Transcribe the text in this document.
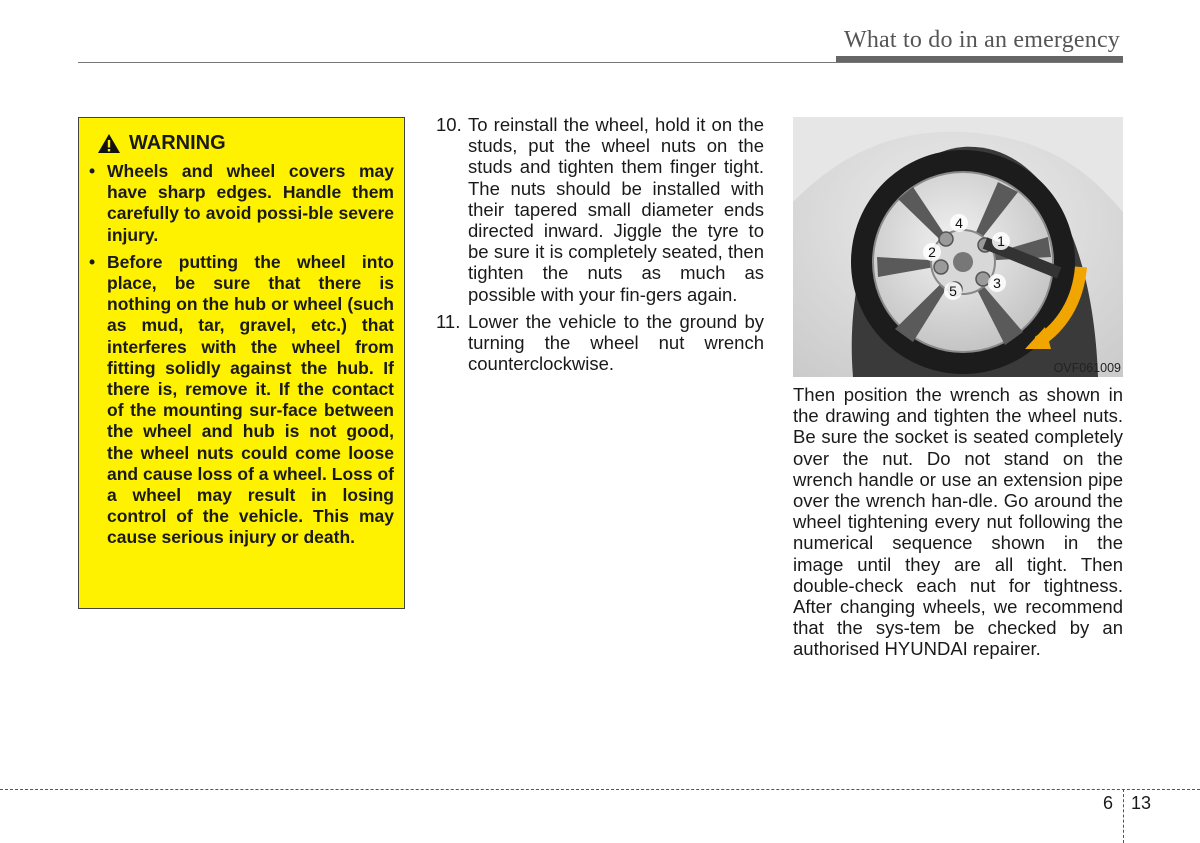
What to do in an emergency
WARNING
• Wheels and wheel covers may have sharp edges. Handle them carefully to avoid possi-ble severe injury.
• Before putting the wheel into place, be sure that there is nothing on the hub or wheel (such as mud, tar, gravel, etc.) that interferes with the wheel from fitting solidly against the hub. If there is, remove it. If the contact of the mounting sur-face between the wheel and hub is not good, the wheel nuts could come loose and cause loss of a wheel. Loss of a wheel may result in losing control of the vehicle. This may cause serious injury or death.
10. To reinstall the wheel, hold it on the studs, put the wheel nuts on the studs and tighten them finger tight. The nuts should be installed with their tapered small diameter ends directed inward. Jiggle the tyre to be sure it is completely seated, then tighten the nuts as much as possible with your fin-gers again.
11. Lower the vehicle to the ground by turning the wheel nut wrench counterclockwise.
1
2
3
4
5
OVF061009
Then position the wrench as shown in the drawing and tighten the wheel nuts. Be sure the socket is seated completely over the nut. Do not stand on the wrench handle or use an extension pipe over the wrench han-dle. Go around the wheel tightening every nut following the numerical sequence shown in the image until they are all tight. Then double-check each nut for tightness. After changing wheels, we recommend that the sys-tem be checked by an authorised HYUNDAI repairer.
6 13
